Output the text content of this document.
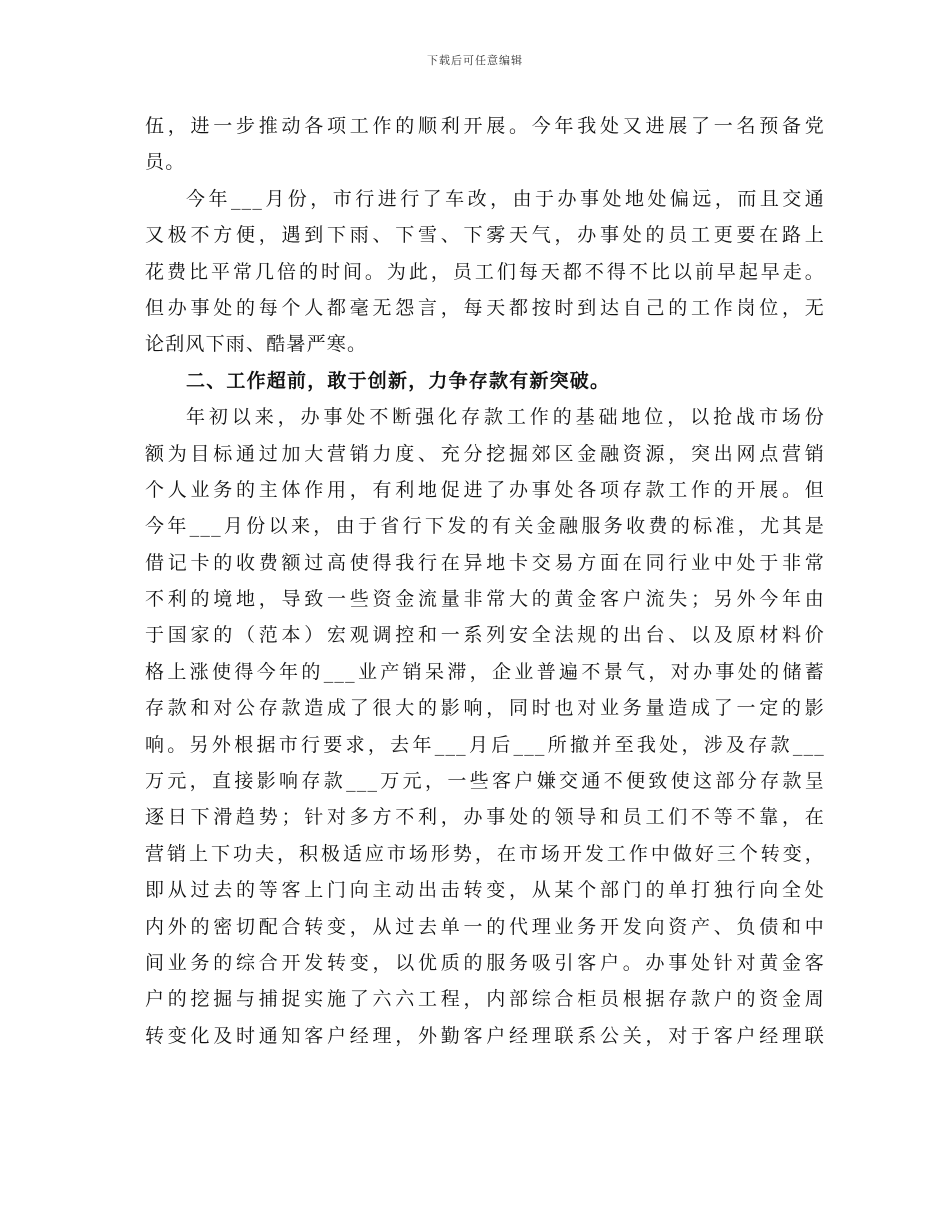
下载后可任意编辑
伍，进一步推动各项工作的顺利开展。今年我处又进展了一名预备党
员。
今年___月份，市行进行了车改，由于办事处地处偏远，而且交通
又极不方便，遇到下雨、下雪、下雾天气，办事处的员工更要在路上
花费比平常几倍的时间。为此，员工们每天都不得不比以前早起早走。
但办事处的每个人都毫无怨言，每天都按时到达自己的工作岗位，无
论刮风下雨、酷暑严寒。
二、工作超前，敢于创新，力争存款有新突破。
年初以来，办事处不断强化存款工作的基础地位，以抢战市场份
额为目标通过加大营销力度、充分挖掘郊区金融资源，突出网点营销
个人业务的主体作用，有利地促进了办事处各项存款工作的开展。但
今年___月份以来，由于省行下发的有关金融服务收费的标准，尤其是
借记卡的收费额过高使得我行在异地卡交易方面在同行业中处于非常
不利的境地，导致一些资金流量非常大的黄金客户流失；另外今年由
于国家的（范本）宏观调控和一系列安全法规的出台、以及原材料价
格上涨使得今年的___业产销呆滞，企业普遍不景气，对办事处的储蓄
存款和对公存款造成了很大的影响，同时也对业务量造成了一定的影
响。另外根据市行要求，去年___月后___所撤并至我处，涉及存款___
万元，直接影响存款___万元，一些客户嫌交通不便致使这部分存款呈
逐日下滑趋势；针对多方不利，办事处的领导和员工们不等不靠，在
营销上下功夫，积极适应市场形势，在市场开发工作中做好三个转变，
即从过去的等客上门向主动出击转变，从某个部门的单打独行向全处
内外的密切配合转变，从过去单一的代理业务开发向资产、负债和中
间业务的综合开发转变，以优质的服务吸引客户。办事处针对黄金客
户的挖掘与捕捉实施了六六工程，内部综合柜员根据存款户的资金周
转变化及时通知客户经理，外勤客户经理联系公关，对于客户经理联
